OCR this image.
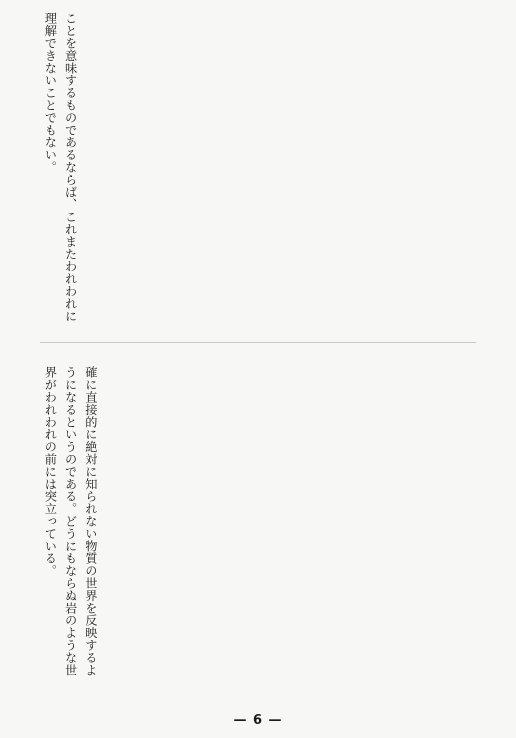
ことを意味するものであるならば、これまたわれわれに理解できないことでもない。
確に直接的に絶対に知られない物質の世界を反映するようになるというのである。どうにもならぬ岩のような世界がわれわれの前には突立っている。
— 6 —
